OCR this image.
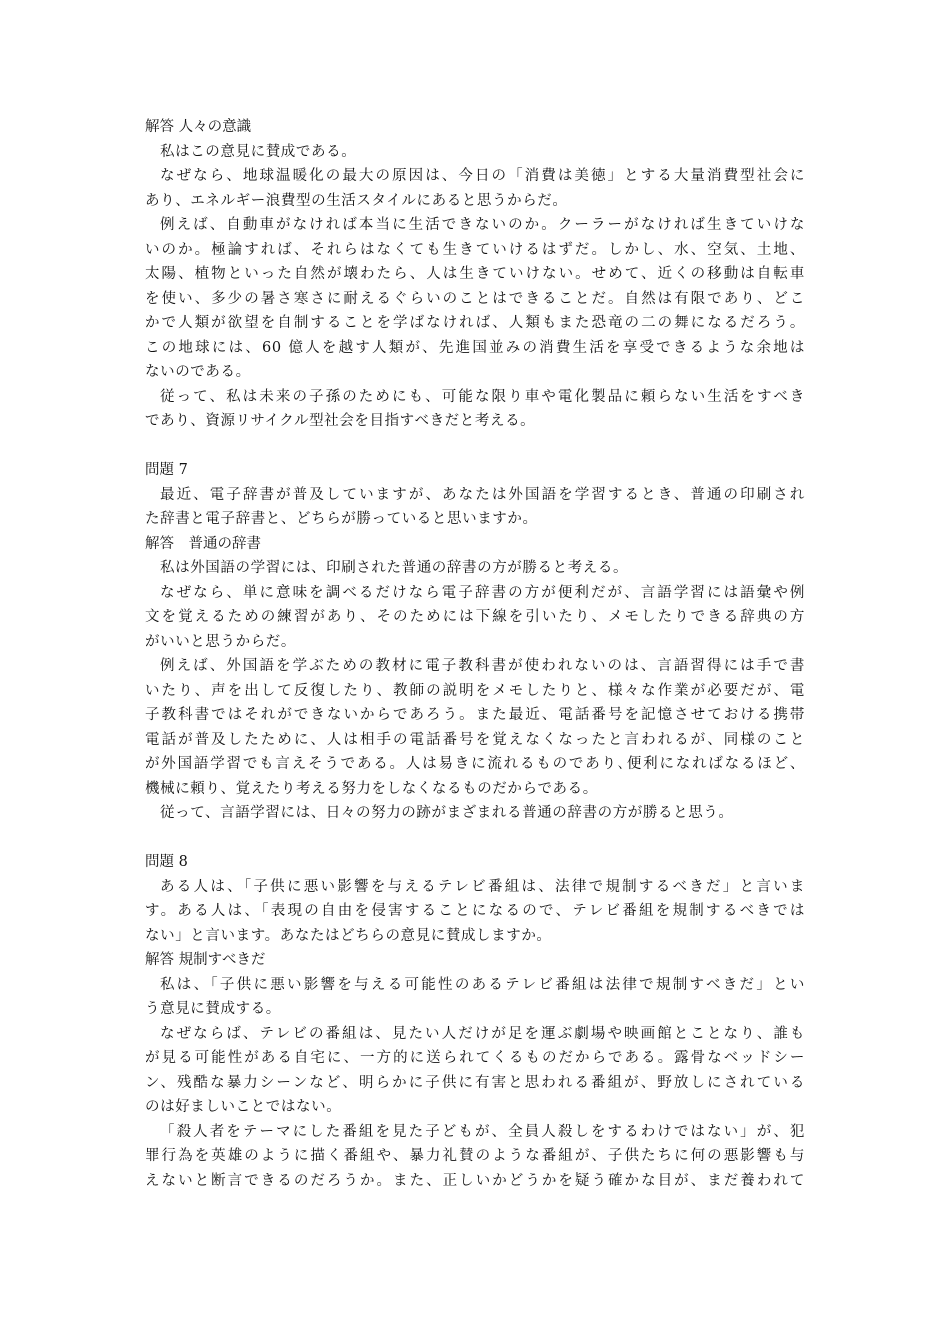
解答 人々の意識
私はこの意見に賛成である。
なぜなら、地球温暖化の最大の原因は、今日の「消費は美徳」とする大量消費型社会に
あり、エネルギー浪費型の生活スタイルにあると思うからだ。
例えば、自動車がなければ本当に生活できないのか。クーラーがなければ生きていけな
いのか。極論すれば、それらはなくても生きていけるはずだ。しかし、水、空気、土地、
太陽、植物といった自然が壊わたら、人は生きていけない。せめて、近くの移動は自転車
を使い、多少の暑さ寒さに耐えるぐらいのことはできることだ。自然は有限であり、どこ
かで人類が欲望を自制することを学ばなければ、人類もまた恐竜の二の舞になるだろう。
この地球には、60 億人を越す人類が、先進国並みの消費生活を享受できるような余地は
ないのである。
従って、私は未来の子孫のためにも、可能な限り車や電化製品に頼らない生活をすべき
であり、資源リサイクル型社会を目指すべきだと考える。
問題 7
最近、電子辞書が普及していますが、あなたは外国語を学習するとき、普通の印刷され
た辞書と電子辞書と、どちらが勝っていると思いますか。
解答　普通の辞書
私は外国語の学習には、印刷された普通の辞書の方が勝ると考える。
なぜなら、単に意味を調べるだけなら電子辞書の方が便利だが、言語学習には語彙や例
文を覚えるための練習があり、そのためには下線を引いたり、メモしたりできる辞典の方
がいいと思うからだ。
例えば、外国語を学ぶための教材に電子教科書が使われないのは、言語習得には手で書
いたり、声を出して反復したり、教師の説明をメモしたりと、様々な作業が必要だが、電
子教科書ではそれができないからであろう。また最近、電話番号を記憶させておける携帯
電話が普及したために、人は相手の電話番号を覚えなくなったと言われるが、同様のこと
が外国語学習でも言えそうである。人は易きに流れるものであり､便利になればなるほど、
機械に頼り、覚えたり考える努力をしなくなるものだからである。
従って、言語学習には、日々の努力の跡がまざまれる普通の辞書の方が勝ると思う。
問題 8
ある人は、「子供に悪い影響を与えるテレビ番組は、法律で規制するべきだ」と言いま
す。ある人は、「表現の自由を侵害することになるので、テレビ番組を規制するべきでは
ない」と言います。あなたはどちらの意見に賛成しますか。
解答 規制すべきだ
私は、「子供に悪い影響を与える可能性のあるテレビ番組は法律で規制すべきだ」とい
う意見に賛成する。
なぜならば、テレビの番組は、見たい人だけが足を運ぶ劇場や映画館とことなり、誰も
が見る可能性がある自宅に、一方的に送られてくるものだからである。露骨なベッドシー
ン、残酷な暴力シーンなど、明らかに子供に有害と思われる番組が、野放しにされている
のは好ましいことではない。
「殺人者をテーマにした番組を見た子どもが、全員人殺しをするわけではない」が、犯
罪行為を英雄のように描く番組や、暴力礼賛のような番組が、子供たちに何の悪影響も与
えないと断言できるのだろうか。また、正しいかどうかを疑う確かな目が、まだ養われて
